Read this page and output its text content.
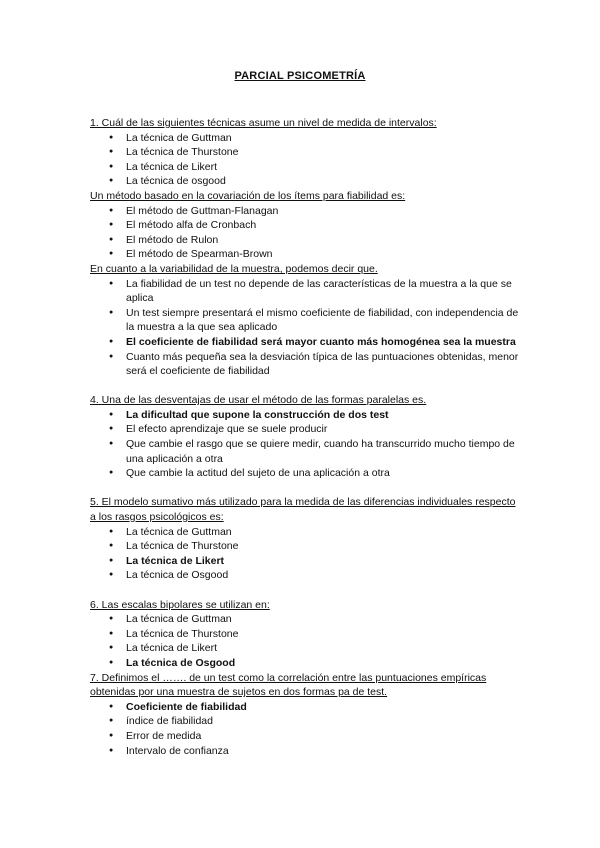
PARCIAL PSICOMETRÍA

1. Cuál de las siguientes técnicas asume un nivel de medida de intervalos:

● La técnica de Guttman
● La técnica de Thurstone
● La técnica de Likert
● La técnica de osgood

Un método basado en la covariación de los ítems para fiabilidad es:

● El método de Guttman-Flanagan
● El método alfa de Cronbach
● El método de Rulon
● El método de Spearman-Brown

En cuanto a la variabilidad de la muestra, podemos decir que.

● La fiabilidad de un test no depende de las características de la muestra a la que se aplica
● Un test siempre presentará el mismo coeficiente de fiabilidad, con independencia de la muestra a la que sea aplicado
● El coeficiente de fiabilidad será mayor cuanto más homogénea sea la muestra
● Cuanto más pequeña sea la desviación típica de las puntuaciones obtenidas, menor será el coeficiente de fiabilidad

4. Una de las desventajas de usar el método de las formas paralelas es.

● La dificultad que supone la construcción de dos test
● El efecto aprendizaje que se suele producir
● Que cambie el rasgo que se quiere medir, cuando ha transcurrido mucho tiempo de una aplicación a otra
● Que cambie la actitud del sujeto de una aplicación a otra

5. El modelo sumativo más utilizado para la medida de las diferencias individuales respecto a los rasgos psicológicos es:

● La técnica de Guttman
● La técnica de Thurstone
● La técnica de Likert
● La técnica de Osgood

6. Las escalas bipolares se utilizan en:

● La técnica de Guttman
● La técnica de Thurstone
● La técnica de Likert
● La técnica de Osgood

7. Definimos el ……. de un test como la correlación entre las puntuaciones empíricas obtenidas por una muestra de sujetos en dos formas pa de test.

● Coeficiente de fiabilidad
● índice de fiabilidad
● Error de medida
● Intervalo de confianza
